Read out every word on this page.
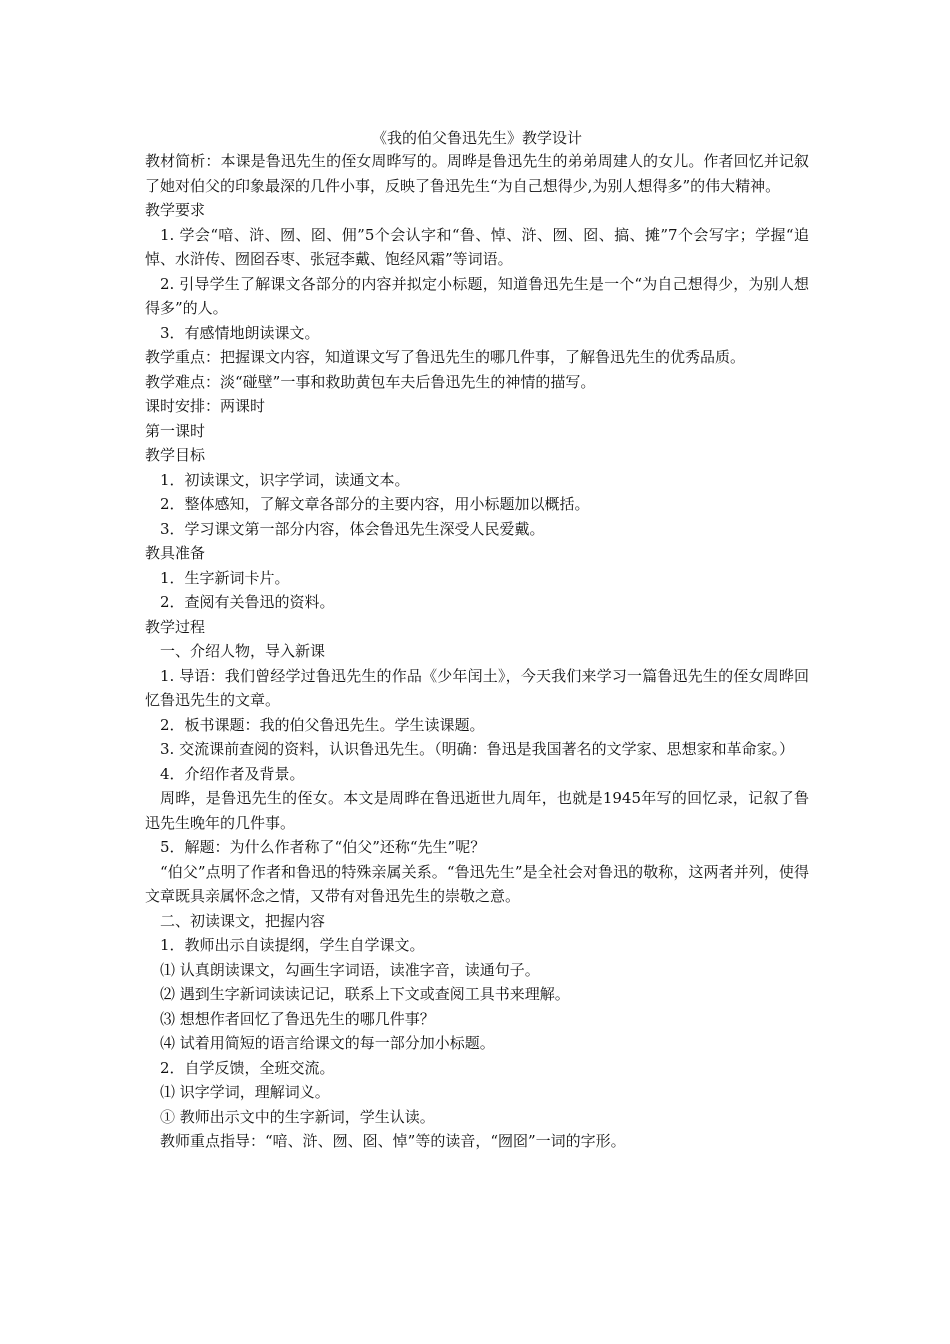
《我的伯父鲁迅先生》教学设计

教材简析：本课是鲁迅先生的侄女周晔写的。周晔是鲁迅先生的弟弟周建人的女儿。作者回忆并记叙了她对伯父的印象最深的几件小事，反映了鲁迅先生“为自己想得少,为别人想得多”的伟大精神。

教学要求

1. 学会“喑、浒、囫、囵、佣”5个会认字和“鲁、悼、浒、囫、囵、搞、摊”7个会写字；学握“追悼、水浒传、囫囵吞枣、张冠李戴、饱经风霜”等词语。

2. 引导学生了解课文各部分的内容并拟定小标题，知道鲁迅先生是一个“为自己想得少，为别人想得多”的人。

3．有感情地朗读课文。

教学重点：把握课文内容，知道课文写了鲁迅先生的哪几件事，了解鲁迅先生的优秀品质。

教学难点：淡“碰壁”一事和救助黄包车夫后鲁迅先生的神情的描写。

课时安排：两课时

第一课时

教学目标

1．初读课文，识字学词，读通文本。

2．整体感知，了解文章各部分的主要内容，用小标题加以概括。

3．学习课文第一部分内容，体会鲁迅先生深受人民爱戴。

教具准备

1．生字新词卡片。

2．查阅有关鲁迅的资料。

教学过程

一、介绍人物，导入新课

1. 导语：我们曾经学过鲁迅先生的作品《少年闰土》，今天我们来学习一篇鲁迅先生的侄女周晔回忆鲁迅先生的文章。

2．板书课题：我的伯父鲁迅先生。学生读课题。

3. 交流课前查阅的资料，认识鲁迅先生。（明确：鲁迅是我国著名的文学家、思想家和革命家。）

4．介绍作者及背景。

周晔，是鲁迅先生的侄女。本文是周晔在鲁迅逝世九周年，也就是1945年写的回忆录，记叙了鲁迅先生晚年的几件事。

5．解题：为什么作者称了“伯父”还称“先生”呢？

“伯父”点明了作者和鲁迅的特殊亲属关系。“鲁迅先生”是全社会对鲁迅的敬称，这两者并列，使得文章既具亲属怀念之情，又带有对鲁迅先生的崇敬之意。

二、初读课文，把握内容

1．教师出示自读提纲，学生自学课文。

⑴ 认真朗读课文，勾画生字词语，读准字音，读通句子。

⑵ 遇到生字新词读读记记，联系上下文或查阅工具书来理解。

⑶ 想想作者回忆了鲁迅先生的哪几件事？

⑷ 试着用简短的语言给课文的每一部分加小标题。

2．自学反馈，全班交流。

⑴ 识字学词，理解词义。

① 教师出示文中的生字新词，学生认读。

教师重点指导：“喑、浒、囫、囵、悼”等的读音，“囫囵”一词的字形。
